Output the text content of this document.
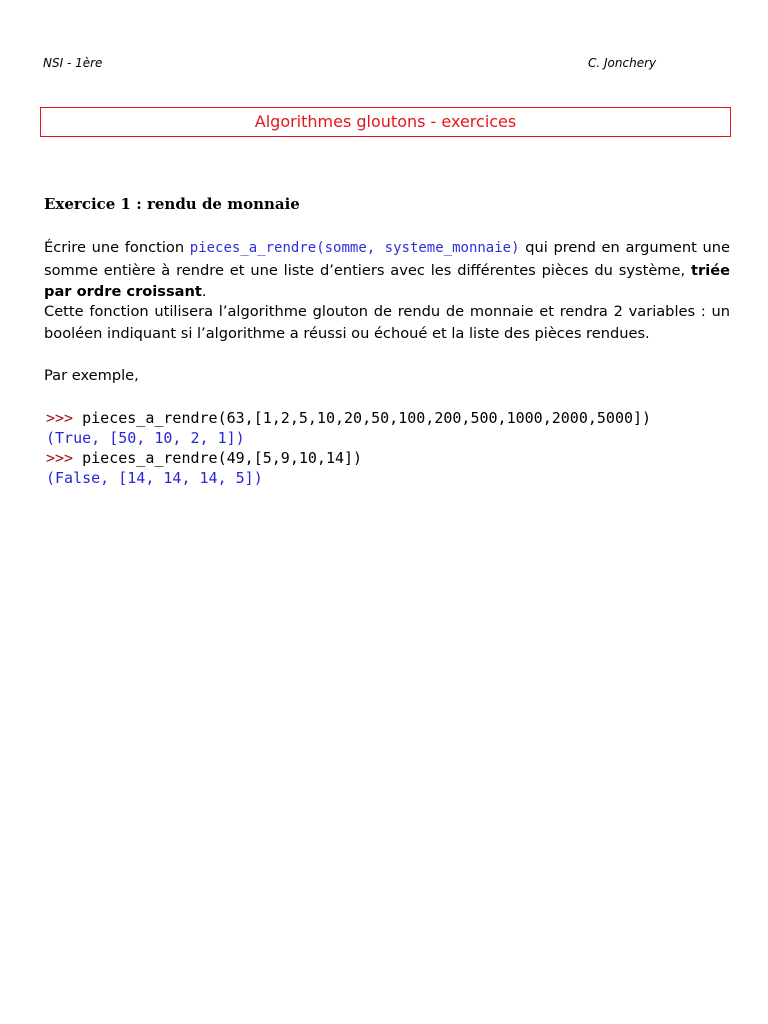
NSI - 1ère	C. Jonchery
Algorithmes gloutons - exercices
Exercice 1 : rendu de monnaie
Écrire une fonction pieces_a_rendre(somme, systeme_monnaie) qui prend en argument une somme entière à rendre et une liste d’entiers avec les différentes pièces du système, triée par ordre croissant.
Cette fonction utilisera l’algorithme glouton de rendu de monnaie et rendra 2 variables : un booléen indiquant si l’algorithme a réussi ou échoué et la liste des pièces rendues.
Par exemple,
>>> pieces_a_rendre(63,[1,2,5,10,20,50,100,200,500,1000,2000,5000])
(True, [50, 10, 2, 1])
>>> pieces_a_rendre(49,[5,9,10,14])
(False, [14, 14, 14, 5])
